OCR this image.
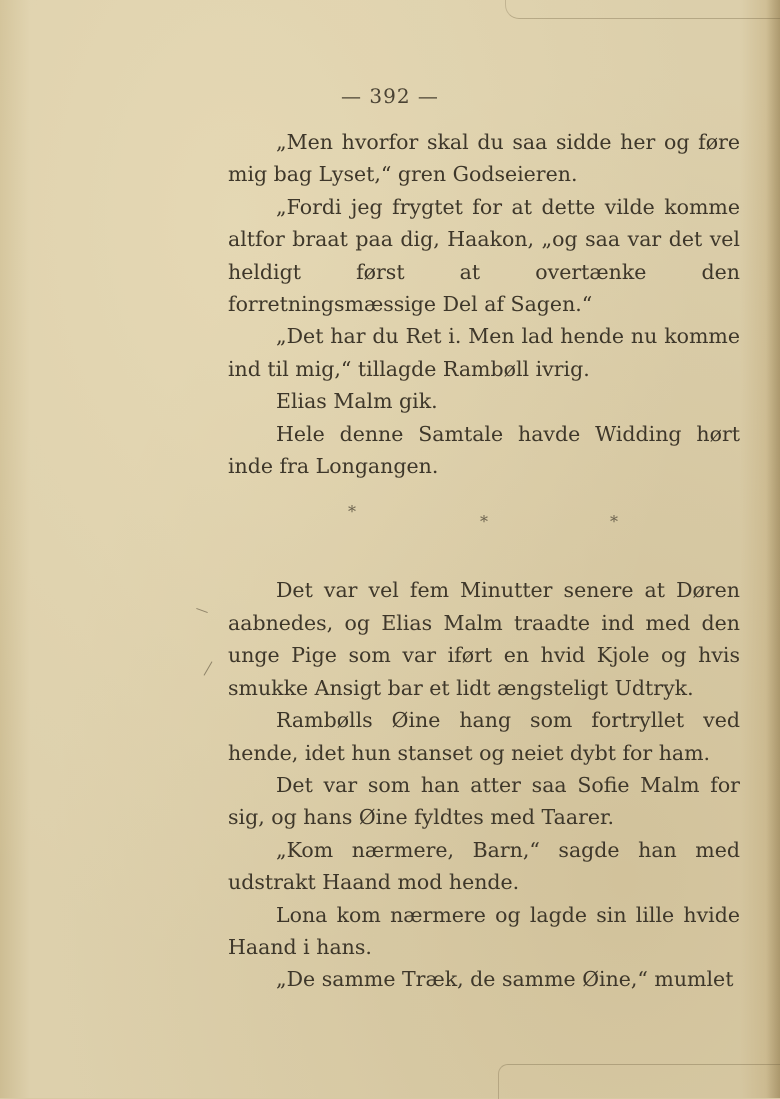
— 392 —

„Men hvorfor skal du saa sidde her og føre mig bag Lyset,“ gren Godseieren.

„Fordi jeg frygtet for at dette vilde komme altfor braat paa dig, Haakon, „og saa var det vel heldigt først at overtænke den forretningsmæssige Del af Sagen.“

„Det har du Ret i. Men lad hende nu komme ind til mig,“ tillagde Rambøll ivrig.

Elias Malm gik.

Hele denne Samtale havde Widding hørt inde fra Longangen.

*
*	*

Det var vel fem Minutter senere at Døren aabnedes, og Elias Malm traadte ind med den unge Pige som var iført en hvid Kjole og hvis smukke Ansigt bar et lidt ængsteligt Udtryk.

Rambølls Øine hang som fortryllet ved hende, idet hun stanset og neiet dybt for ham.

Det var som han atter saa Sofie Malm for sig, og hans Øine fyldtes med Taarer.

„Kom nærmere, Barn,“ sagde han med udstrakt Haand mod hende.

Lona kom nærmere og lagde sin lille hvide Haand i hans.

„De samme Træk, de samme Øine,“ mumlet
